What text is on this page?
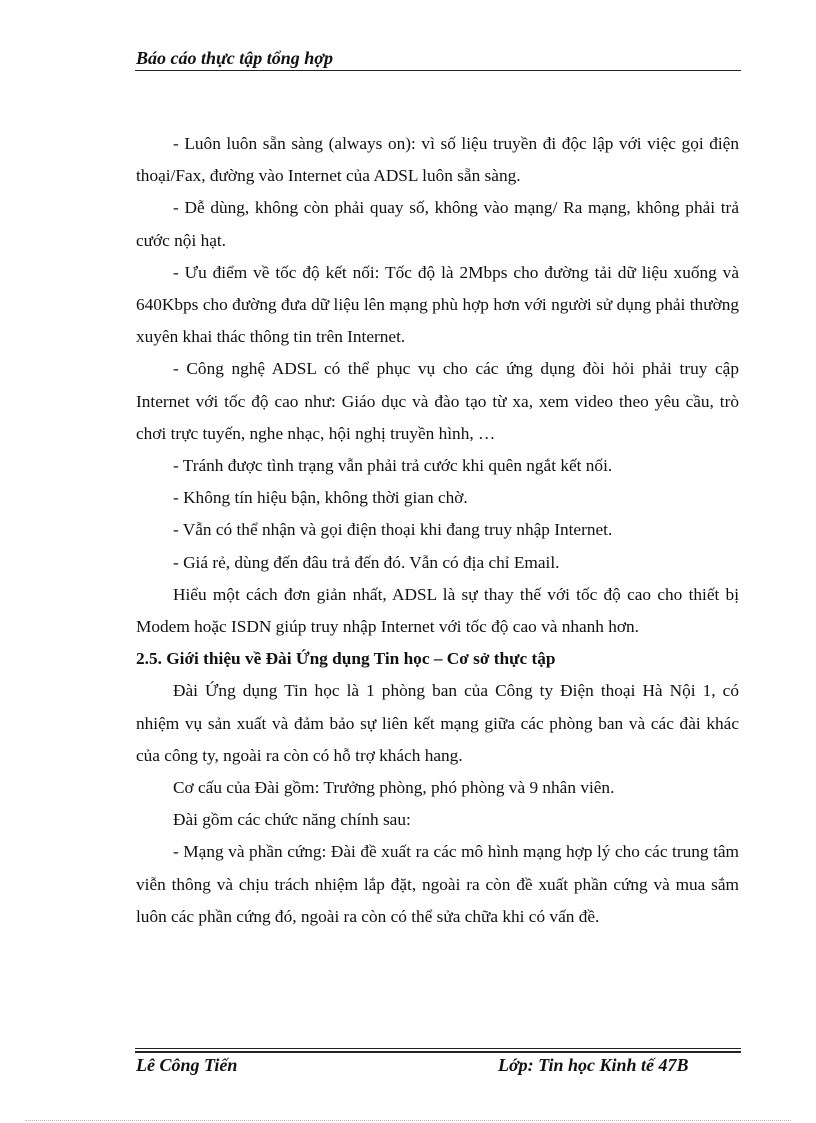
Báo cáo thực tập tổng hợp

- Luôn luôn sẵn sàng (always on): vì số liệu truyền đi độc lập với việc gọi điện thoại/Fax, đường vào Internet của ADSL luôn sẵn sàng.

- Dễ dùng, không còn phải quay số, không vào mạng/ Ra mạng, không phải trả cước nội hạt.

- Ưu điểm về tốc độ kết nối: Tốc độ là 2Mbps cho đường tải dữ liệu xuống và 640Kbps cho đường đưa dữ liệu lên mạng phù hợp hơn với người sử dụng phải thường xuyên khai thác thông tin trên Internet.

- Công nghệ ADSL có thể phục vụ cho các ứng dụng đòi hỏi phải truy cập Internet với tốc độ cao như: Giáo dục và đào tạo từ xa, xem video theo yêu cầu, trò chơi trực tuyến, nghe nhạc, hội nghị truyền hình, …

- Tránh được tình trạng vẫn phải trả cước khi quên ngắt kết nối.

- Không tín hiệu bận, không thời gian chờ.

- Vẫn có thể nhận và gọi điện thoại khi đang truy nhập Internet.

- Giá rẻ, dùng đến đâu trả đến đó. Vẫn có địa chỉ Email.

Hiểu một cách đơn giản nhất, ADSL là sự thay thế với tốc độ cao cho thiết bị Modem hoặc ISDN giúp truy nhập Internet với tốc độ cao và nhanh hơn.

2.5. Giới thiệu về Đài Ứng dụng Tin học – Cơ sở thực tập

Đài Ứng dụng Tin học là 1 phòng ban của Công ty Điện thoại Hà Nội 1, có nhiệm vụ sản xuất và đảm bảo sự liên kết mạng giữa các phòng ban và các đài khác của công ty, ngoài ra còn có hỗ trợ khách hang.

Cơ cấu của Đài gồm: Trưởng phòng, phó phòng và 9 nhân viên.

Đài gồm các chức năng chính sau:

- Mạng và phần cứng: Đài đề xuất ra các mô hình mạng hợp lý cho các trung tâm viễn thông và chịu trách nhiệm lắp đặt, ngoài ra còn đề xuất phần cứng và mua sắm luôn các phần cứng đó, ngoài ra còn có thể sửa chữa khi có vấn đề.

Lê Công Tiến	Lớp: Tin học Kinh tế 47B
